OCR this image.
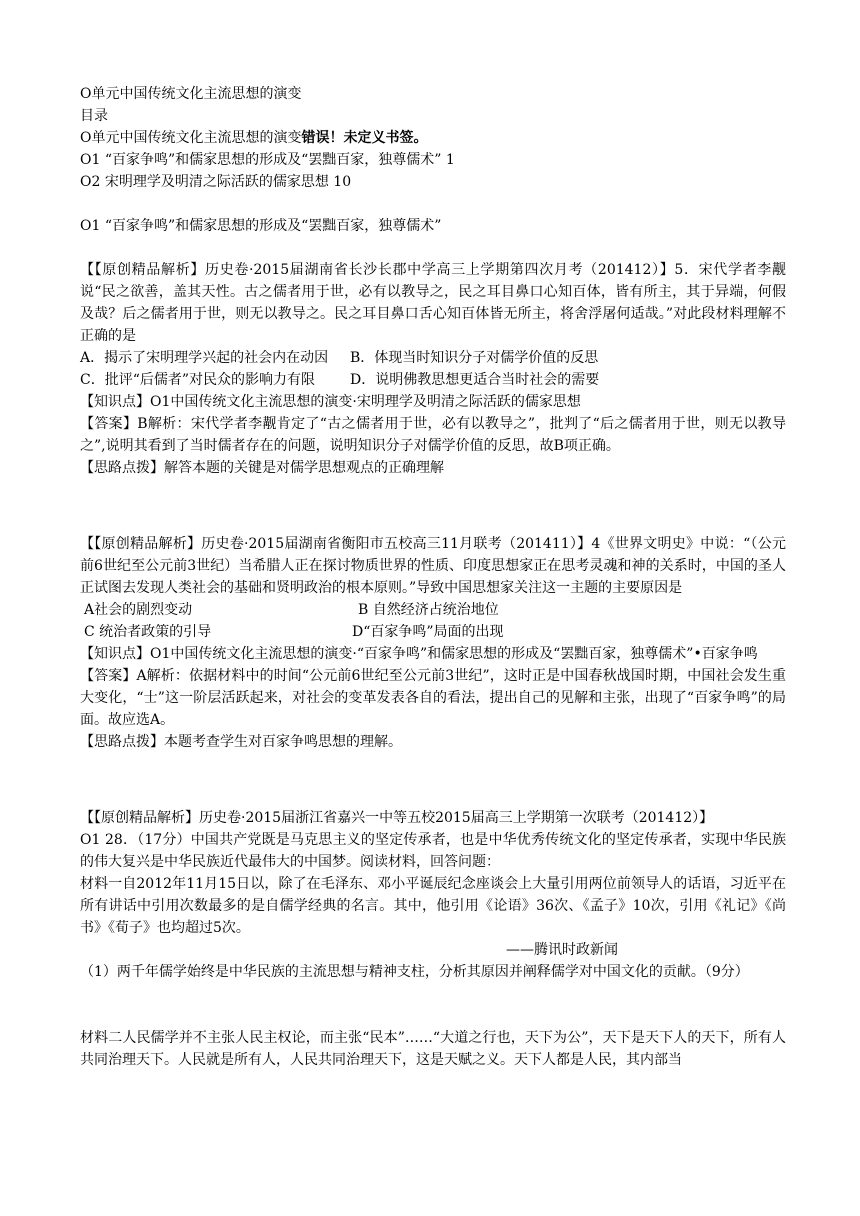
O单元中国传统文化主流思想的演变

目录

O单元中国传统文化主流思想的演变错误！未定义书签。

O1 “百家争鸣”和儒家思想的形成及“罢黜百家，独尊儒术” 1

O2 宋明理学及明清之际活跃的儒家思想 10

O1 “百家争鸣”和儒家思想的形成及“罢黜百家，独尊儒术”

【【原创精品解析】历史卷·2015届湖南省长沙长郡中学高三上学期第四次月考（201412）】5．宋代学者李觏说“民之欲善，盖其天性。古之儒者用于世，必有以教导之，民之耳目鼻口心知百体，皆有所主，其于异端，何假及哉？后之儒者用于世，则无以教导之。民之耳目鼻口舌心知百体皆无所主，将舍浮屠何适哉。”对此段材料理解不正确的是

A．揭示了宋明理学兴起的社会内在动因	B．体现当时知识分子对儒学价值的反思
C．批评“后儒者”对民众的影响力有限	D．说明佛教思想更适合当时社会的需要

【知识点】O1中国传统文化主流思想的演变·宋明理学及明清之际活跃的儒家思想

【答案】B解析：宋代学者李觏肯定了“古之儒者用于世，必有以教导之”，批判了“后之儒者用于世，则无以教导之”,说明其看到了当时儒者存在的问题，说明知识分子对儒学价值的反思，故B项正确。

【思路点拨】解答本题的关键是对儒学思想观点的正确理解

【【原创精品解析】历史卷·2015届湖南省衡阳市五校高三11月联考（201411）】4《世界文明史》中说：“（公元前6世纪至公元前3世纪）当希腊人正在探讨物质世界的性质、印度思想家正在思考灵魂和神的关系时，中国的圣人正试图去发现人类社会的基础和贤明政治的根本原则。”导致中国思想家关注这一主题的主要原因是

A社会的剧烈变动	B 自然经济占统治地位
C 统治者政策的引导	D“百家争鸣”局面的出现

【知识点】O1中国传统文化主流思想的演变·“百家争鸣”和儒家思想的形成及“罢黜百家，独尊儒术”•百家争鸣

【答案】A解析：依据材料中的时间“公元前6世纪至公元前3世纪”，这时正是中国春秋战国时期，中国社会发生重大变化，“士”这一阶层活跃起来，对社会的变革发表各自的看法，提出自己的见解和主张，出现了“百家争鸣”的局面。故应选A。

【思路点拨】本题考查学生对百家争鸣思想的理解。

【【原创精品解析】历史卷·2015届浙江省嘉兴一中等五校2015届高三上学期第一次联考（201412）】

O1 28．（17分）中国共产党既是马克思主义的坚定传承者，也是中华优秀传统文化的坚定传承者，实现中华民族的伟大复兴是中华民族近代最伟大的中国梦。阅读材料，回答问题：

材料一自2012年11月15日以，除了在毛泽东、邓小平诞辰纪念座谈会上大量引用两位前领导人的话语，习近平在所有讲话中引用次数最多的是自儒学经典的名言。其中，他引用《论语》36次、《孟子》10次，引用《礼记》《尚书》《荀子》也均超过5次。

——腾讯时政新闻

（1）两千年儒学始终是中华民族的主流思想与精神支柱，分析其原因并阐释儒学对中国文化的贡献。（9分）

材料二人民儒学并不主张人民主权论，而主张“民本”……“大道之行也，天下为公”，天下是天下人的天下，所有人共同治理天下。人民就是所有人，人民共同治理天下，这是天赋之义。天下人都是人民，其内部当
